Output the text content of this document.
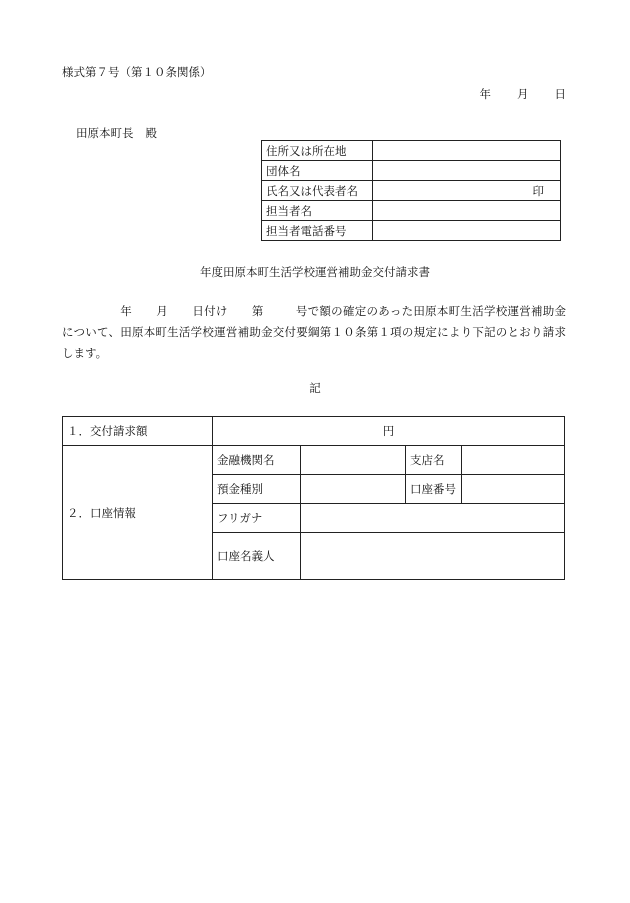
様式第７号（第１０条関係）
年 月 日
田原本町長 殿
住所又は所在地	
団体名	
氏名又は代表者名	印
担当者名	
担当者電話番号	
年度田原本町生活学校運営補助金交付請求書
年 月 日付け 第	号で額の確定のあった田原本町生活学校運営補助金について、田原本町生活学校運営補助金交付要綱第１０条第１項の規定により下記のとおり請求します。
記
１．交付請求額	円			
２．口座情報	金融機関名		支店名	
	預金種別		口座番号	
	フリガナ			
	口座名義人			
